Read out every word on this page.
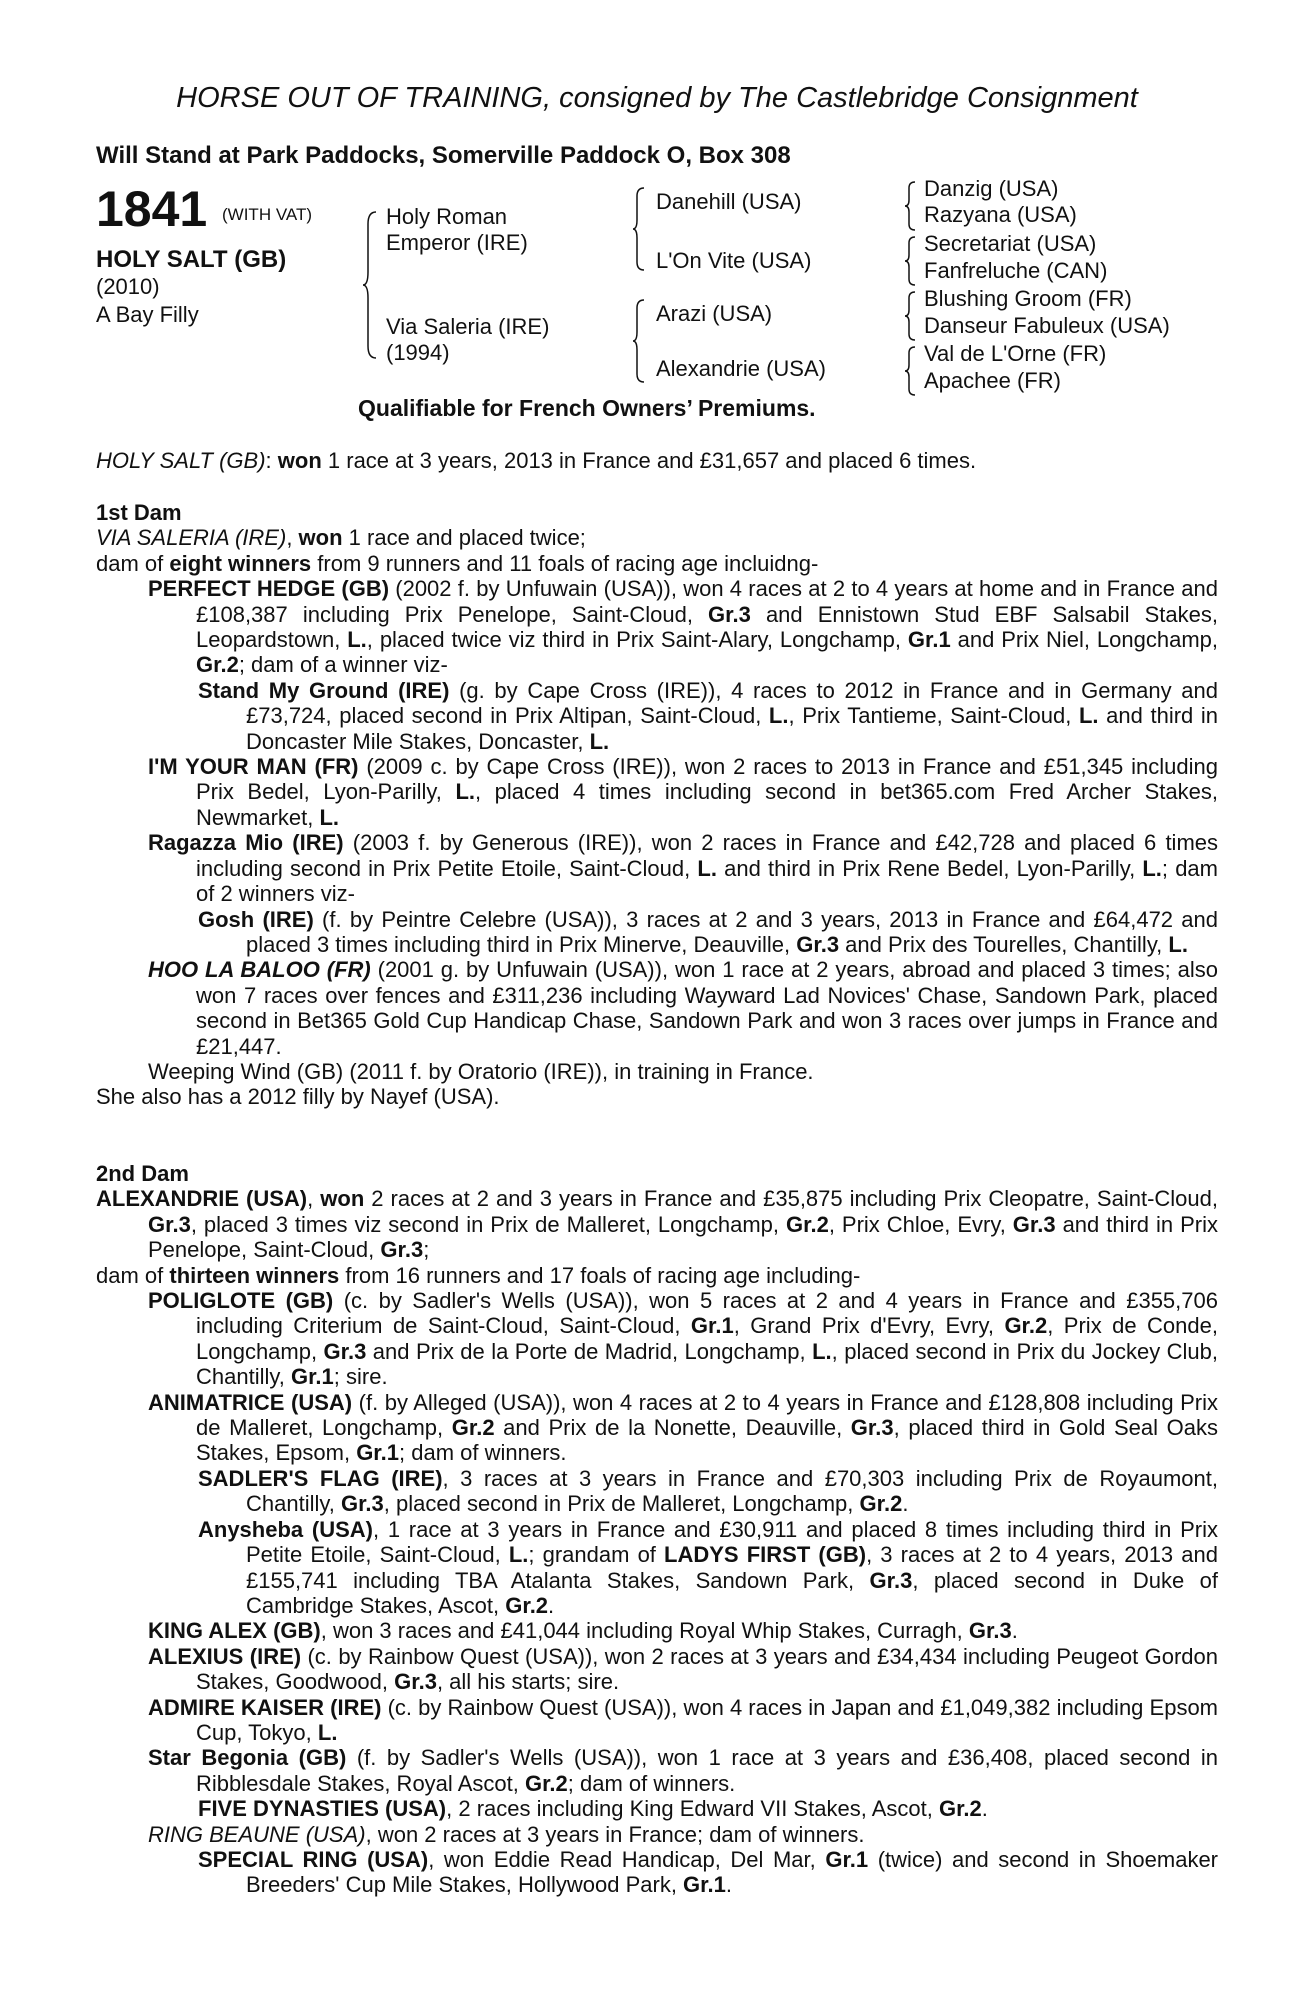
HORSE OUT OF TRAINING, consigned by The Castlebridge Consignment
Will Stand at Park Paddocks, Somerville Paddock O, Box 308
1841 (WITH VAT)
HOLY SALT (GB)
(2010)
A Bay Filly
Holy Roman Emperor (IRE)
Via Saleria (IRE)
(1994)
Danehill (USA)
L'On Vite (USA)
Arazi (USA)
Alexandrie (USA)
Danzig (USA)
Razyana (USA)
Secretariat (USA)
Fanfreluche (CAN)
Blushing Groom (FR)
Danseur Fabuleux (USA)
Val de L'Orne (FR)
Apachee (FR)
Qualifiable for French Owners’ Premiums.
HOLY SALT (GB): won 1 race at 3 years, 2013 in France and £31,657 and placed 6 times.

1st Dam

VIA SALERIA (IRE), won 1 race and placed twice;

dam of eight winners from 9 runners and 11 foals of racing age incluidng-

PERFECT HEDGE (GB) (2002 f. by Unfuwain (USA)), won 4 races at 2 to 4 years at home and in France and £108,387 including Prix Penelope, Saint-Cloud, Gr.3 and Ennistown Stud EBF Salsabil Stakes, Leopardstown, L., placed twice viz third in Prix Saint-Alary, Longchamp, Gr.1 and Prix Niel, Longchamp, Gr.2; dam of a winner viz-

Stand My Ground (IRE) (g. by Cape Cross (IRE)), 4 races to 2012 in France and in Germany and £73,724, placed second in Prix Altipan, Saint-Cloud, L., Prix Tantieme, Saint-Cloud, L. and third in Doncaster Mile Stakes, Doncaster, L.

I'M YOUR MAN (FR) (2009 c. by Cape Cross (IRE)), won 2 races to 2013 in France and £51,345 including Prix Bedel, Lyon-Parilly, L., placed 4 times including second in bet365.com Fred Archer Stakes, Newmarket, L.

Ragazza Mio (IRE) (2003 f. by Generous (IRE)), won 2 races in France and £42,728 and placed 6 times including second in Prix Petite Etoile, Saint-Cloud, L. and third in Prix Rene Bedel, Lyon-Parilly, L.; dam of 2 winners viz-

Gosh (IRE) (f. by Peintre Celebre (USA)), 3 races at 2 and 3 years, 2013 in France and £64,472 and placed 3 times including third in Prix Minerve, Deauville, Gr.3 and Prix des Tourelles, Chantilly, L.

HOO LA BALOO (FR) (2001 g. by Unfuwain (USA)), won 1 race at 2 years, abroad and placed 3 times; also won 7 races over fences and £311,236 including Wayward Lad Novices' Chase, Sandown Park, placed second in Bet365 Gold Cup Handicap Chase, Sandown Park and won 3 races over jumps in France and £21,447.

Weeping Wind (GB) (2011 f. by Oratorio (IRE)), in training in France.

She also has a 2012 filly by Nayef (USA).

2nd Dam

ALEXANDRIE (USA), won 2 races at 2 and 3 years in France and £35,875 including Prix Cleopatre, Saint-Cloud, Gr.3, placed 3 times viz second in Prix de Malleret, Longchamp, Gr.2, Prix Chloe, Evry, Gr.3 and third in Prix Penelope, Saint-Cloud, Gr.3;

dam of thirteen winners from 16 runners and 17 foals of racing age including-

POLIGLOTE (GB) (c. by Sadler's Wells (USA)), won 5 races at 2 and 4 years in France and £355,706 including Criterium de Saint-Cloud, Saint-Cloud, Gr.1, Grand Prix d'Evry, Evry, Gr.2, Prix de Conde, Longchamp, Gr.3 and Prix de la Porte de Madrid, Longchamp, L., placed second in Prix du Jockey Club, Chantilly, Gr.1; sire.

ANIMATRICE (USA) (f. by Alleged (USA)), won 4 races at 2 to 4 years in France and £128,808 including Prix de Malleret, Longchamp, Gr.2 and Prix de la Nonette, Deauville, Gr.3, placed third in Gold Seal Oaks Stakes, Epsom, Gr.1; dam of winners.

SADLER'S FLAG (IRE), 3 races at 3 years in France and £70,303 including Prix de Royaumont, Chantilly, Gr.3, placed second in Prix de Malleret, Longchamp, Gr.2.

Anysheba (USA), 1 race at 3 years in France and £30,911 and placed 8 times including third in Prix Petite Etoile, Saint-Cloud, L.; grandam of LADYS FIRST (GB), 3 races at 2 to 4 years, 2013 and £155,741 including TBA Atalanta Stakes, Sandown Park, Gr.3, placed second in Duke of Cambridge Stakes, Ascot, Gr.2.

KING ALEX (GB), won 3 races and £41,044 including Royal Whip Stakes, Curragh, Gr.3.

ALEXIUS (IRE) (c. by Rainbow Quest (USA)), won 2 races at 3 years and £34,434 including Peugeot Gordon Stakes, Goodwood, Gr.3, all his starts; sire.

ADMIRE KAISER (IRE) (c. by Rainbow Quest (USA)), won 4 races in Japan and £1,049,382 including Epsom Cup, Tokyo, L.

Star Begonia (GB) (f. by Sadler's Wells (USA)), won 1 race at 3 years and £36,408, placed second in Ribblesdale Stakes, Royal Ascot, Gr.2; dam of winners.

FIVE DYNASTIES (USA), 2 races including King Edward VII Stakes, Ascot, Gr.2.

RING BEAUNE (USA), won 2 races at 3 years in France; dam of winners.

SPECIAL RING (USA), won Eddie Read Handicap, Del Mar, Gr.1 (twice) and second in Shoemaker Breeders' Cup Mile Stakes, Hollywood Park, Gr.1.
